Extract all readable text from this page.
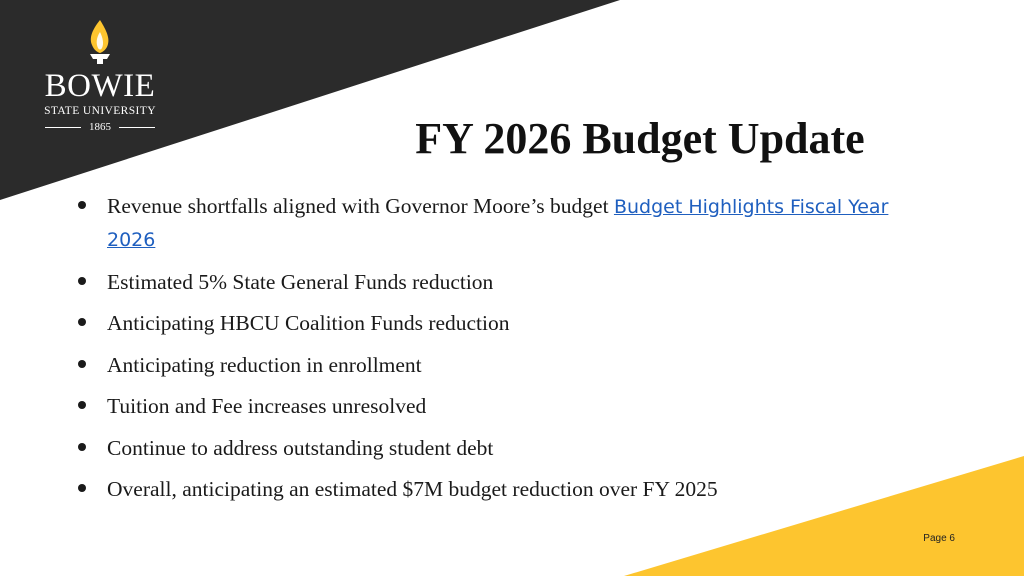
BOWIE
STATE UNIVERSITY
1865	FY 2026 Budget Update
Revenue shortfalls aligned with Governor Moore’s budget Budget Highlights Fiscal Year 2026
Estimated 5% State General Funds reduction
Anticipating HBCU Coalition Funds reduction
Anticipating reduction in enrollment
Tuition and Fee increases unresolved
Continue to address outstanding student debt
Overall, anticipating an estimated $7M budget reduction over FY 2025
Page 6
